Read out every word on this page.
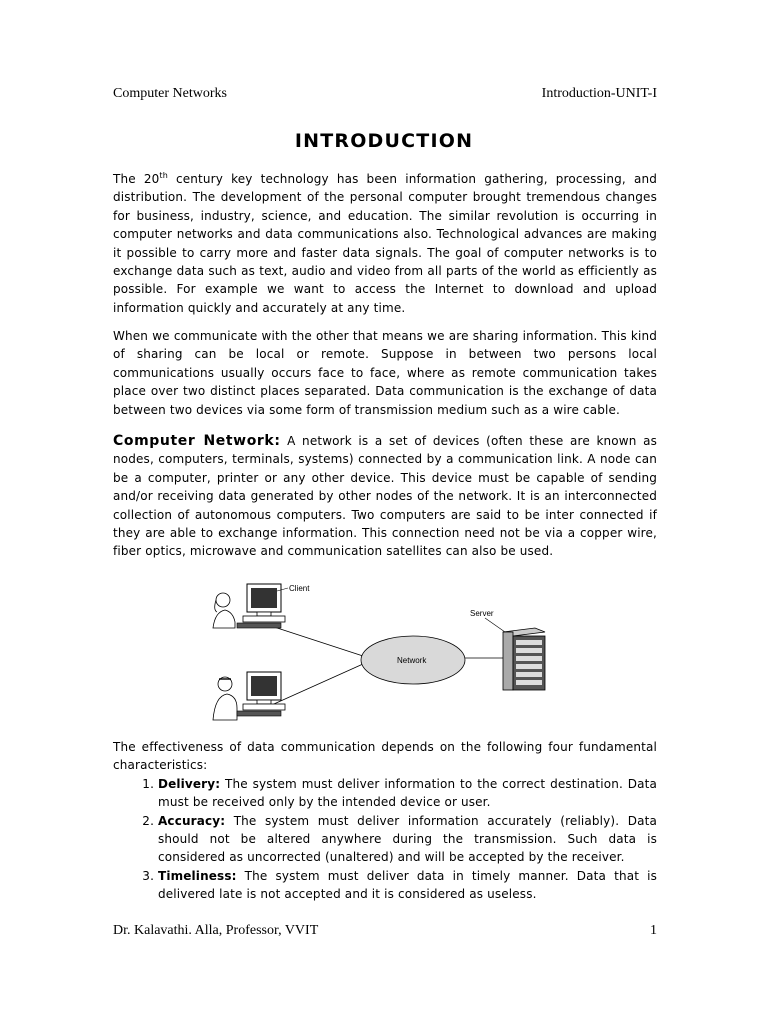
Computer Networks	Introduction-UNIT-I
INTRODUCTION

The 20th century key technology has been information gathering, processing, and distribution. The development of the personal computer brought tremendous changes for business, industry, science, and education. The similar revolution is occurring in computer networks and data communications also. Technological advances are making it possible to carry more and faster data signals. The goal of computer networks is to exchange data such as text, audio and video from all parts of the world as efficiently as possible. For example we want to access the Internet to download and upload information quickly and accurately at any time.

When we communicate with the other that means we are sharing information. This kind of sharing can be local or remote. Suppose in between two persons local communications usually occurs face to face, where as remote communication takes place over two distinct places separated. Data communication is the exchange of data between two devices via some form of transmission medium such as a wire cable.

Computer Network: A network is a set of devices (often these are known as nodes, computers, terminals, systems) connected by a communication link. A node can be a computer, printer or any other device. This device must be capable of sending and/or receiving data generated by other nodes of the network. It is an interconnected collection of autonomous computers. Two computers are said to be inter connected if they are able to exchange information. This connection need not be via a copper wire, fiber optics, microwave and communication satellites can also be used.

Client
Server
Network

The effectiveness of data communication depends on the following four fundamental characteristics:

1. Delivery: The system must deliver information to the correct destination. Data must be received only by the intended device or user.
2. Accuracy: The system must deliver information accurately (reliably). Data should not be altered anywhere during the transmission. Such data is considered as uncorrected (unaltered) and will be accepted by the receiver.
3. Timeliness: The system must deliver data in timely manner. Data that is delivered late is not accepted and it is considered as useless.
Dr. Kalavathi. Alla, Professor, VVIT	1
